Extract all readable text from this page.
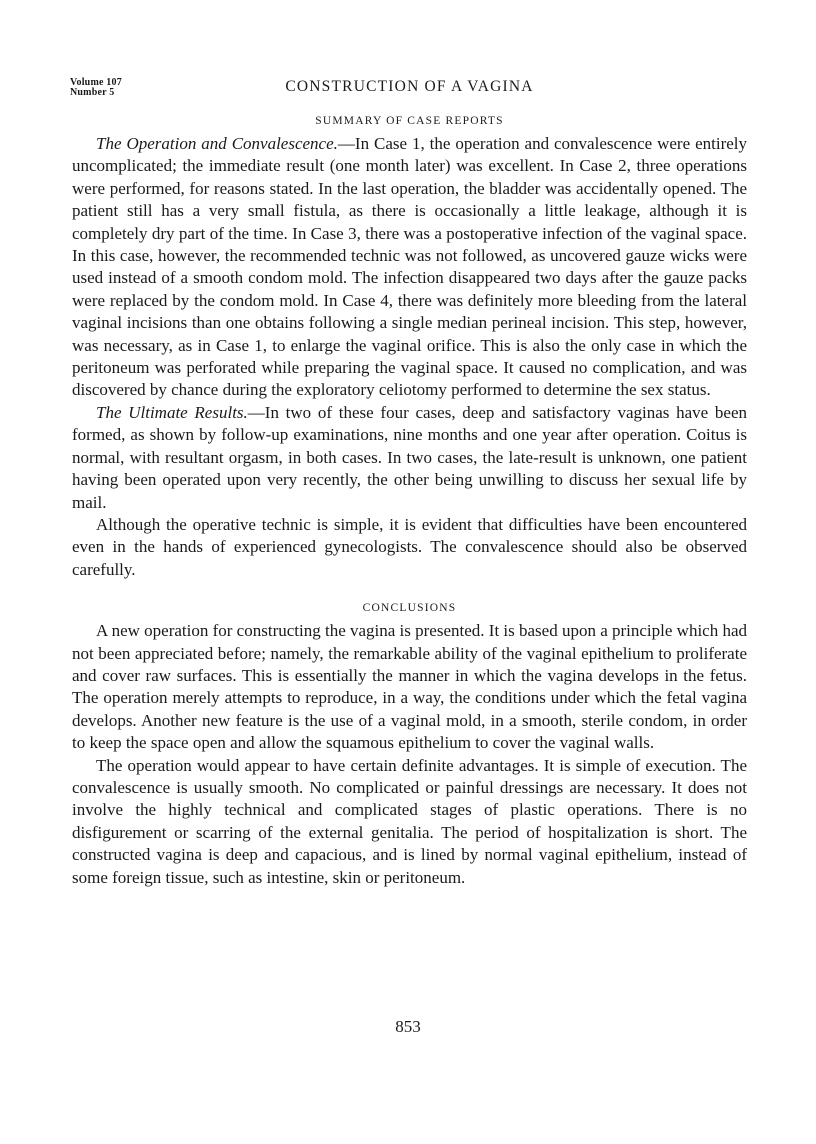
Volume 107
Number 5	CONSTRUCTION OF A VAGINA
SUMMARY OF CASE REPORTS

The Operation and Convalescence.—In Case 1, the operation and convalescence were entirely uncomplicated; the immediate result (one month later) was excellent. In Case 2, three operations were performed, for reasons stated. In the last operation, the bladder was accidentally opened. The patient still has a very small fistula, as there is occasionally a little leakage, although it is completely dry part of the time. In Case 3, there was a postoperative infection of the vaginal space. In this case, however, the recommended technic was not followed, as uncovered gauze wicks were used instead of a smooth condom mold. The infection disappeared two days after the gauze packs were replaced by the condom mold. In Case 4, there was definitely more bleeding from the lateral vaginal incisions than one obtains following a single median perineal incision. This step, however, was necessary, as in Case 1, to enlarge the vaginal orifice. This is also the only case in which the peritoneum was perforated while preparing the vaginal space. It caused no complication, and was discovered by chance during the exploratory celiotomy performed to determine the sex status.

The Ultimate Results.—In two of these four cases, deep and satisfactory vaginas have been formed, as shown by follow-up examinations, nine months and one year after operation. Coitus is normal, with resultant orgasm, in both cases. In two cases, the late-result is unknown, one patient having been operated upon very recently, the other being unwilling to discuss her sexual life by mail.

Although the operative technic is simple, it is evident that difficulties have been encountered even in the hands of experienced gynecologists. The convalescence should also be observed carefully.

CONCLUSIONS

A new operation for constructing the vagina is presented. It is based upon a principle which had not been appreciated before; namely, the remarkable ability of the vaginal epithelium to proliferate and cover raw surfaces. This is essentially the manner in which the vagina develops in the fetus. The operation merely attempts to reproduce, in a way, the conditions under which the fetal vagina develops. Another new feature is the use of a vaginal mold, in a smooth, sterile condom, in order to keep the space open and allow the squamous epithelium to cover the vaginal walls.

The operation would appear to have certain definite advantages. It is simple of execution. The convalescence is usually smooth. No complicated or painful dressings are necessary. It does not involve the highly technical and complicated stages of plastic operations. There is no disfigurement or scarring of the external genitalia. The period of hospitalization is short. The constructed vagina is deep and capacious, and is lined by normal vaginal epithelium, instead of some foreign tissue, such as intestine, skin or peritoneum.

853
